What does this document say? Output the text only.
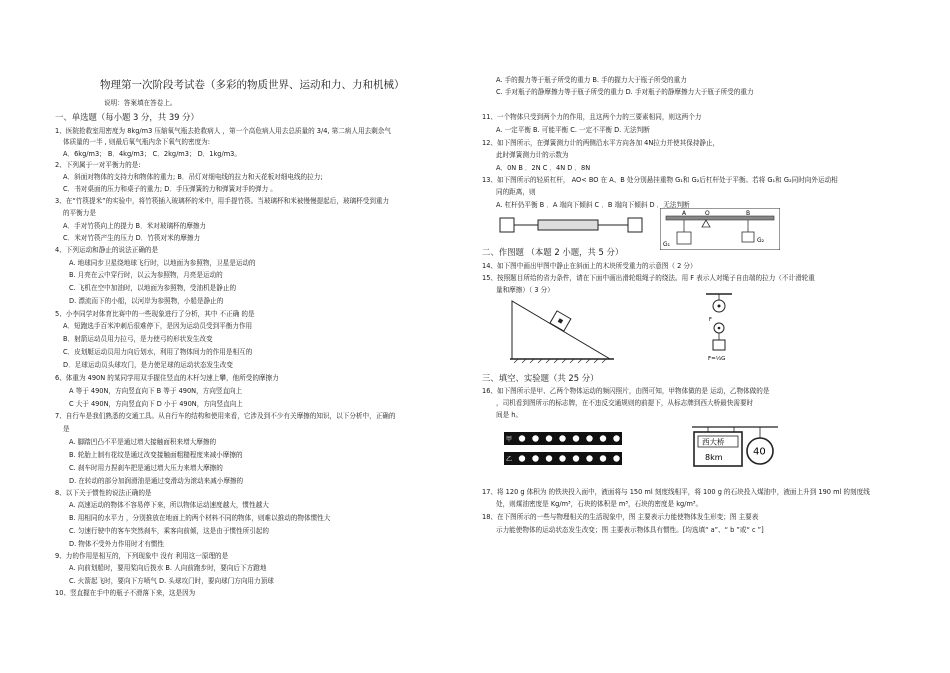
物理第一次阶段考试卷（多彩的物质世界、运动和力、力和机械）
说明：答案填在答卷上。
一、单选题（每小题 3 分，共 39 分）
1、医院抢救室用密度为 8kg/m3 压缩氧气瓶去抢救病人 ，第一个高危病人用去总质量的 3/4, 第二病人用去剩余气
体质量的一半 , 则最后氧气瓶内余下氧气的密度为:
A．6kg/m3； B．4kg/m3； C．2kg/m3； D．1kg/m3。
2、下列属于一对平衡力的是:
A．斜面对物体的支持力和物体的重力; B．吊灯对细电线的拉力和天花板对细电线的拉力;
C．书对桌面的压力和桌子的重力; D．手压弹簧的力和弹簧对手的弹力 。
3、在“竹筷提米”的实验中，将竹筷插入玻璃杯的米中，用手提竹筷。当玻璃杯和米被慢慢提起后，玻璃杯受到重力
的平衡力是
A．手对竹筷向上的提力 B．米对玻璃杯的摩擦力
C．米对竹筷产生的压力 D．竹筷对米的摩擦力
4、下列运动和静止的说法正确的是
A. 地球同步卫星绕地球飞行时，以地面为参照物，卫星是运动的
B. 月亮在云中穿行时，以云为参照物，月亮是运动的
C. 飞机在空中加油时，以地面为参照物，受油机是静止的
D. 漂流而下的小船，以河岸为参照物，小船是静止的
5、小李同学对体育比赛中的一些现象进行了分析，其中 不正确 的是
A．短跑选手百米冲刺后很难停下，是因为运动员受到平衡力作用
B．射箭运动员用力拉弓，是力使弓的形状发生改变
C．皮划艇运动员用力向后划水，利用了物体间力的作用是相互的
D．足球运动员头球攻门，是力使足球的运动状态发生改变
6、体重为 490N 的某同学用双手握住竖直的木杆匀速上攀，他所受的摩擦力
A 等于 490N，方向竖直向下 B 等于 490N，方向竖直向上
C 大于 490N，方向竖直向下 D 小于 490N，方向竖直向上
7、自行车是我们熟悉的交通工具。从自行车的结构和使用来看，它涉及到不少有关摩擦的知识，以下分析中，正确的
是
A. 脚踏凹凸不平是通过增大接触面积来增大摩擦的
B. 轮胎上制有花纹是通过改变接触面粗糙程度来减小摩擦的
C. 刹车时用力捏刹车把是通过增大压力来增大摩擦的
D. 在转动的部分加润滑油是通过变滑动为滚动来减小摩擦的
8、以下关于惯性的说法正确的是
A. 高速运动的物体不容易停下来，所以物体运动速度越大，惯性越大
B. 用相同的水平力 ，分别推放在地面上的两个材料不同的物体，则难以推动的物体惯性大
C. 匀速行驶中的客车突然刹车，乘客向前倾，这是由于惯性所引起的
D. 物体不受外力作用时才有惯性
9、力的作用是相互的，下列现象中 没有 利用这一原理的是
A. 向前划船时，要用桨向后拨水 B. 人向前跑步时，要向后下方蹬地
C. 火箭起飞时，要向下方喷气 D. 头球攻门时，要向球门方向用力顶球
10、竖直握在手中的瓶子不滑落下来，这是因为
A. 手的握力等于瓶子所受的重力 B. 手的握力大于瓶子所受的重力
C. 手对瓶子的静摩擦力等于瓶子所受的重力 D. 手对瓶子的静摩擦力大于瓶子所受的重力
11、一个物体只受到两个力的作用，且这两个力的三要素相同，则这两个力
A. 一定平衡 B. 可能平衡 C. 一定不平衡 D. 无法判断
12、如下图所示，在弹簧测力计的两侧沿水平方向各加 4N拉力并使其保持静止，
此时弹簧测力计的示数为
A．0N B ．2N C ．4N D ．8N
13、如下图所示的轻质杠杆， AO< BO 在 A、B 处分别悬挂重物 G₁和 G₂后杠杆处于平衡。若将 G₁和 G₂同时向外运动相
同的距离，则
A. 杠杆仍平衡 B ．A 端向下倾斜 C ．B 端向下倾斜 D ．无法判断
二、作图题 （本题 2 小题，共 5 分）
14、如下图中画出甲图中静止在斜面上的木块所受重力的示意图（ 2 分）
15、按照题目所给的省力条件，请在下面中画出滑轮组绳子的绕法。用 F 表示人对绳子自由端的拉力（不计滑轮重
量和摩擦）（ 3 分）
三、填空、实验题（共 25 分）
16、如下图所示是甲、乙两个物体运动的频闪照片，由图可知，甲物体做的是 运动，乙物体做的是
，司机看到图所示的标志牌，在不违反交通规则的前提下，从标志牌到西大桥最快需要时
间是 h。
17、将 120 g 体积为 的铁块投入面中，液面将与 150 ml 刻度线相平，将 100 g 的石块投入煤油中，液面上升到 190 ml 的刻度线
处，则煤油密度是 Kg/m³，石块的体积是 m³，石块的密度是 kg/m³。
18、在下图所示的一些与物理相关的生活现象中，图 主要表示力能使物体发生形变；图 主要表
示力能使物体的运动状态发生改变；图 主要表示物体具有惯性。[均选填“ a”、“ b ”或“ c ”]
A	O	B
G₁
G₂
F
F=⅓G
甲
乙
西大桥
8km	40
